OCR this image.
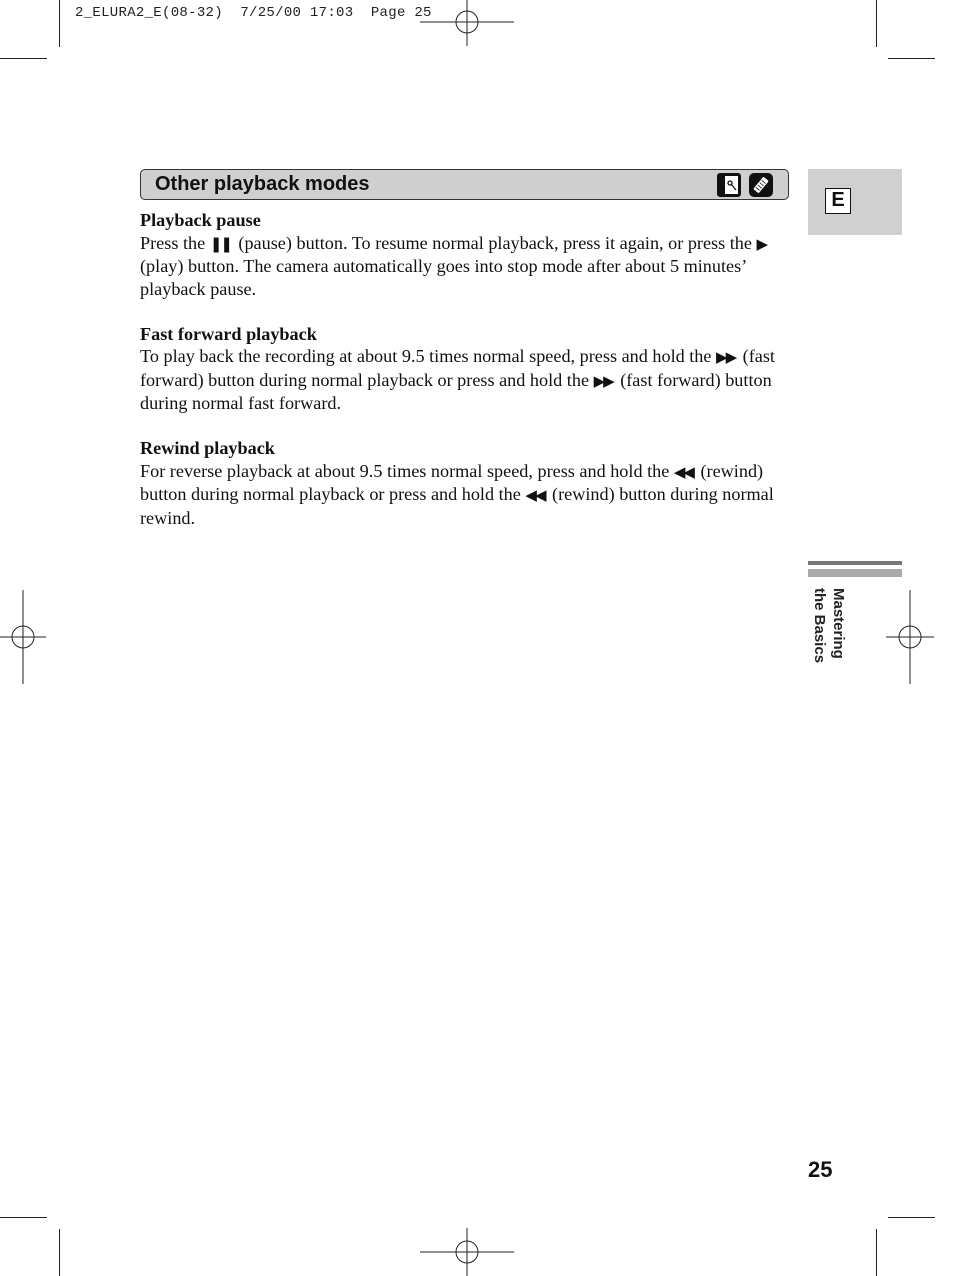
2_ELURA2_E(08-32)  7/25/00 17:03  Page 25
Other playback modes
Playback pause
Press the ❚❚ (pause) button. To resume normal playback, press it again, or press the ▶ (play) button. The camera automatically goes into stop mode after about 5 minutes’ playback pause.
Fast forward playback
To play back the recording at about 9.5 times normal speed, press and hold the ▶▶ (fast forward) button during normal playback or press and hold the ▶▶ (fast forward) button during normal fast forward.
Rewind playback
For reverse playback at about 9.5 times normal speed, press and hold the ◀◀ (rewind) button during normal playback or press and hold the ◀◀ (rewind) button during normal rewind.
E
Mastering
the Basics
25
